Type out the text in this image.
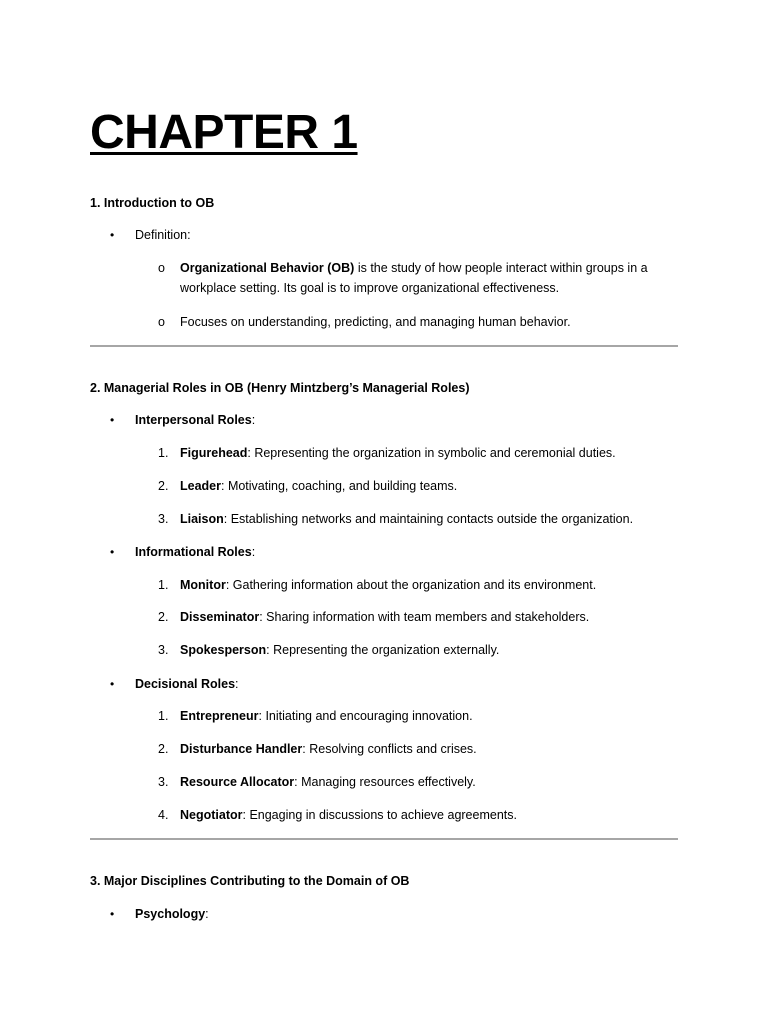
CHAPTER 1

1. Introduction to OB

•	Definition:
o	Organizational Behavior (OB) is the study of how people interact within groups in a workplace setting. Its goal is to improve organizational effectiveness.
o	Focuses on understanding, predicting, and managing human behavior.

2. Managerial Roles in OB (Henry Mintzberg’s Managerial Roles)

•	Interpersonal Roles:
1. Figurehead: Representing the organization in symbolic and ceremonial duties.
2. Leader: Motivating, coaching, and building teams.
3. Liaison: Establishing networks and maintaining contacts outside the organization.
•	Informational Roles:
1. Monitor: Gathering information about the organization and its environment.
2. Disseminator: Sharing information with team members and stakeholders.
3. Spokesperson: Representing the organization externally.
•	Decisional Roles:
1. Entrepreneur: Initiating and encouraging innovation.
2. Disturbance Handler: Resolving conflicts and crises.
3. Resource Allocator: Managing resources effectively.
4. Negotiator: Engaging in discussions to achieve agreements.

3. Major Disciplines Contributing to the Domain of OB

•	Psychology:
